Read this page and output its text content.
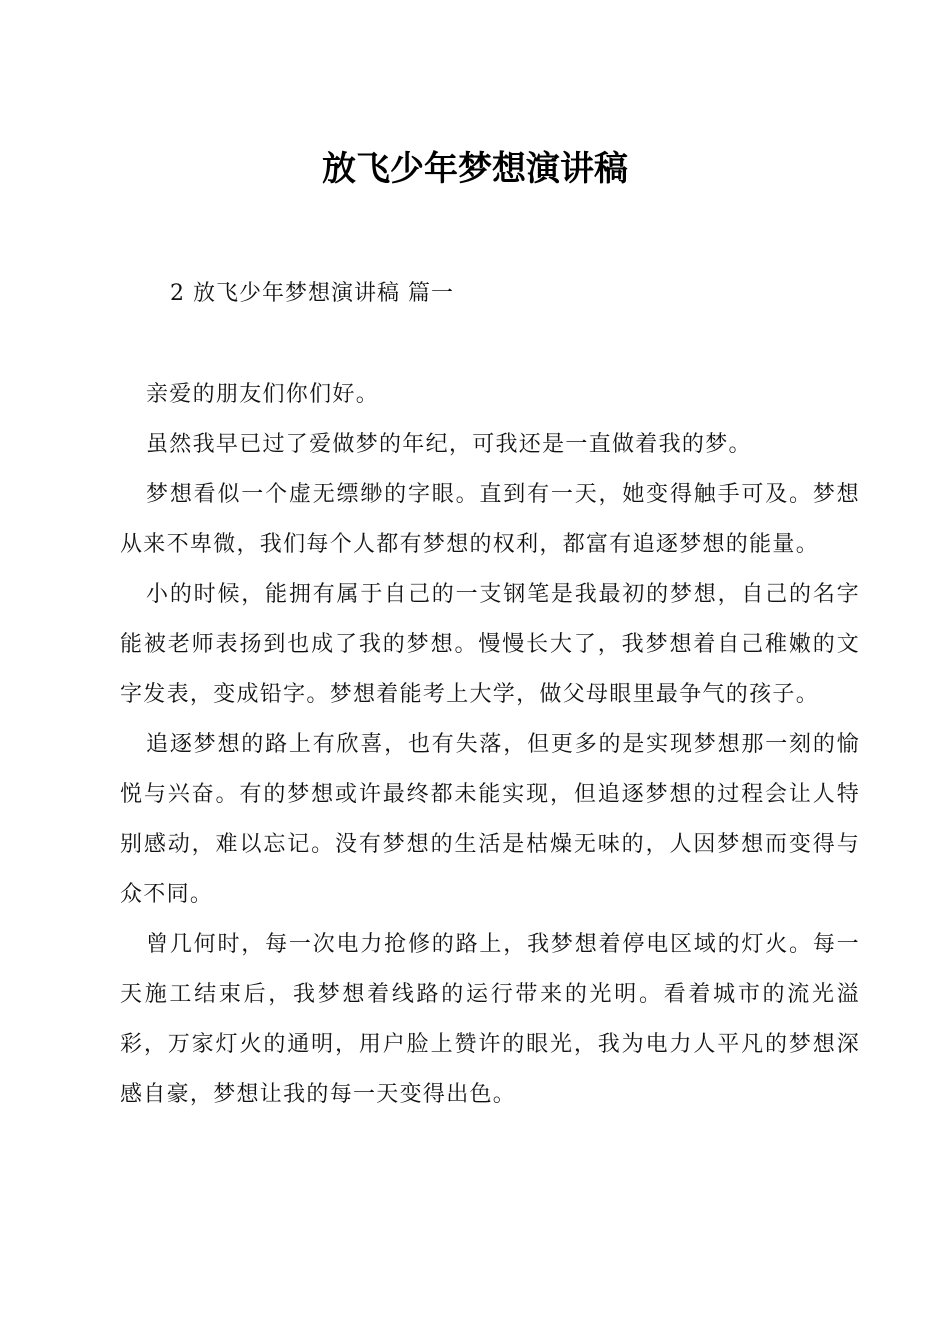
放飞少年梦想演讲稿
2 放飞少年梦想演讲稿 篇一

亲爱的朋友们你们好。

虽然我早已过了爱做梦的年纪，可我还是一直做着我的梦。

梦想看似一个虚无缥缈的字眼。直到有一天，她变得触手可及。梦想从来不卑微，我们每个人都有梦想的权利，都富有追逐梦想的能量。

小的时候，能拥有属于自己的一支钢笔是我最初的梦想，自己的名字能被老师表扬到也成了我的梦想。慢慢长大了，我梦想着自己稚嫩的文字发表，变成铅字。梦想着能考上大学，做父母眼里最争气的孩子。

追逐梦想的路上有欣喜，也有失落，但更多的是实现梦想那一刻的愉悦与兴奋。有的梦想或许最终都未能实现，但追逐梦想的过程会让人特别感动，难以忘记。没有梦想的生活是枯燥无味的，人因梦想而变得与众不同。

曾几何时，每一次电力抢修的路上，我梦想着停电区域的灯火。每一天施工结束后，我梦想着线路的运行带来的光明。看着城市的流光溢彩，万家灯火的通明，用户脸上赞许的眼光，我为电力人平凡的梦想深感自豪，梦想让我的每一天变得出色。
